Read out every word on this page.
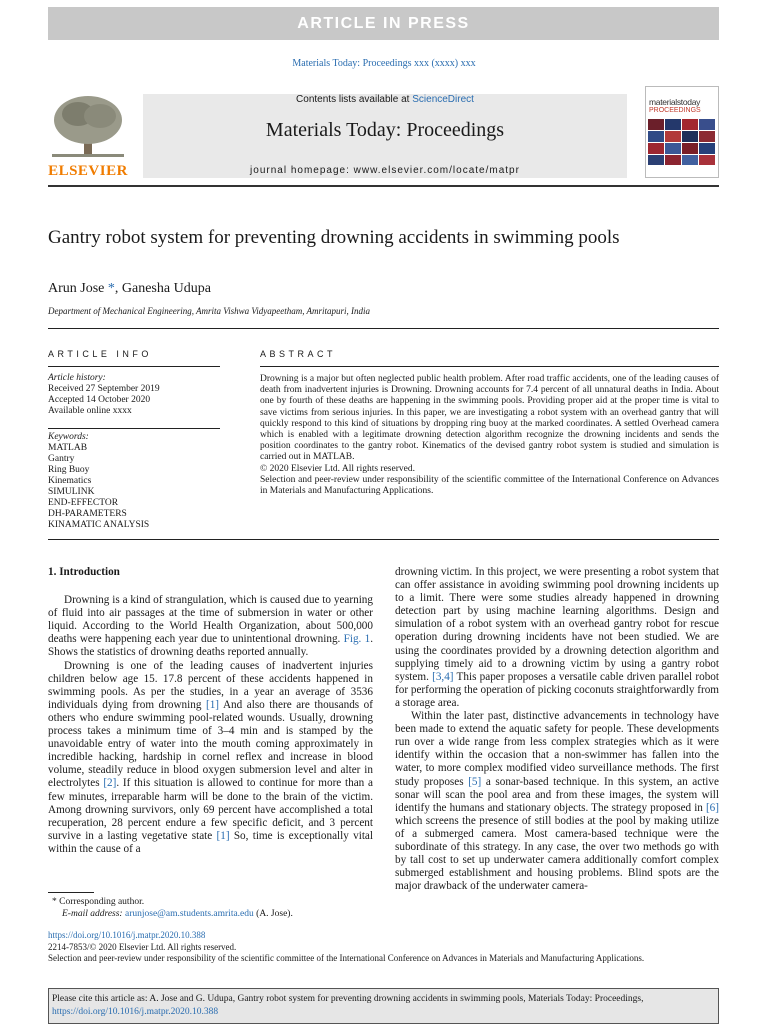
ARTICLE IN PRESS
Materials Today: Proceedings xxx (xxxx) xxx
ELSEVIER
Contents lists available at ScienceDirect
Materials Today: Proceedings
journal homepage: www.elsevier.com/locate/matpr
materialstoday
PROCEEDINGS
Gantry robot system for preventing drowning accidents in swimming pools
Arun Jose *, Ganesha Udupa
Department of Mechanical Engineering, Amrita Vishwa Vidyapeetham, Amritapuri, India
ARTICLE INFO
Article history:
Received 27 September 2019
Accepted 14 October 2020
Available online xxxx
Keywords:
MATLAB
Gantry
Ring Buoy
Kinematics
SIMULINK
END-EFFECTOR
DH-PARAMETERS
KINAMATIC ANALYSIS
ABSTRACT

Drowning is a major but often neglected public health problem. After road traffic accidents, one of the leading causes of death from inadvertent injuries is Drowning. Drowning accounts for 7.4 percent of all unnatural deaths in India. About one by fourth of these deaths are happening in the swimming pools. Providing proper aid at the proper time is vital to save victims from serious injuries. In this paper, we are investigating a robot system with an overhead gantry that will quickly respond to this kind of situations by dropping ring buoy at the marked coordinates. A settled Overhead camera which is enabled with a legitimate drowning detection algorithm recognize the drowning incidents and sends the position coordinates to the gantry robot. Kinematics of the devised gantry robot system is studied and simulation is carried out in MATLAB.

© 2020 Elsevier Ltd. All rights reserved.

Selection and peer-review under responsibility of the scientific committee of the International Conference on Advances in Materials and Manufacturing Applications.

1. Introduction

Drowning is a kind of strangulation, which is caused due to yearning of fluid into air passages at the time of submersion in water or other liquid. According to the World Health Organization, about 500,000 deaths were happening each year due to unintentional drowning. Fig. 1. Shows the statistics of drowning deaths reported annually.

Drowning is one of the leading causes of inadvertent injuries children below age 15. 17.8 percent of these accidents happened in swimming pools. As per the studies, in a year an average of 3536 individuals dying from drowning [1] And also there are thousands of others who endure swimming pool-related wounds. Usually, drowning process takes a minimum time of 3–4 min and is stamped by the unavoidable entry of water into the mouth coming approximately in incredible hacking, hardship in cornel reflex and increase in blood volume, steadily reduce in blood oxygen submersion level and alter in electrolytes [2]. If this situation is allowed to continue for more than a few minutes, irreparable harm will be done to the brain of the victim. Among drowning survivors, only 69 percent have accomplished a total recuperation, 28 percent endure a few specific deficit, and 3 percent survive in a lasting vegetative state [1] So, time is exceptionally vital within the cause of a

drowning victim. In this project, we were presenting a robot system that can offer assistance in avoiding swimming pool drowning incidents up to a limit. There were some studies already happened in drowning detection part by using machine learning algorithms. Design and simulation of a robot system with an overhead gantry robot for rescue operation during drowning incidents have not been studied. We are using the coordinates provided by a drowning detection algorithm and supplying timely aid to a drowning victim by using a gantry robot system. [3,4] This paper proposes a versatile cable driven parallel robot for performing the operation of picking coconuts straightforwardly from a storage area.

Within the later past, distinctive advancements in technology have been made to extend the aquatic safety for people. These developments run over a wide range from less complex strategies which as it were identify within the occasion that a non-swimmer has fallen into the water, to more complex modified video surveillance methods. The first study proposes [5] a sonar-based technique. In this system, an active sonar will scan the pool area and from these images, the system will identify the humans and stationary objects. The strategy proposed in [6] which screens the presence of still bodies at the pool by making utilize of a submerged camera. Most camera-based technique were the subordinate of this strategy. In any case, the over two methods go with by tall cost to set up underwater camera additionally comfort complex submerged establishment and housing problems. Blind spots are the major drawback of the underwater camera-

* Corresponding author.
E-mail address: arunjose@am.students.amrita.edu (A. Jose).
https://doi.org/10.1016/j.matpr.2020.10.388
2214-7853/© 2020 Elsevier Ltd. All rights reserved.
Selection and peer-review under responsibility of the scientific committee of the International Conference on Advances in Materials and Manufacturing Applications.
Please cite this article as: A. Jose and G. Udupa, Gantry robot system for preventing drowning accidents in swimming pools, Materials Today: Proceedings,
https://doi.org/10.1016/j.matpr.2020.10.388
